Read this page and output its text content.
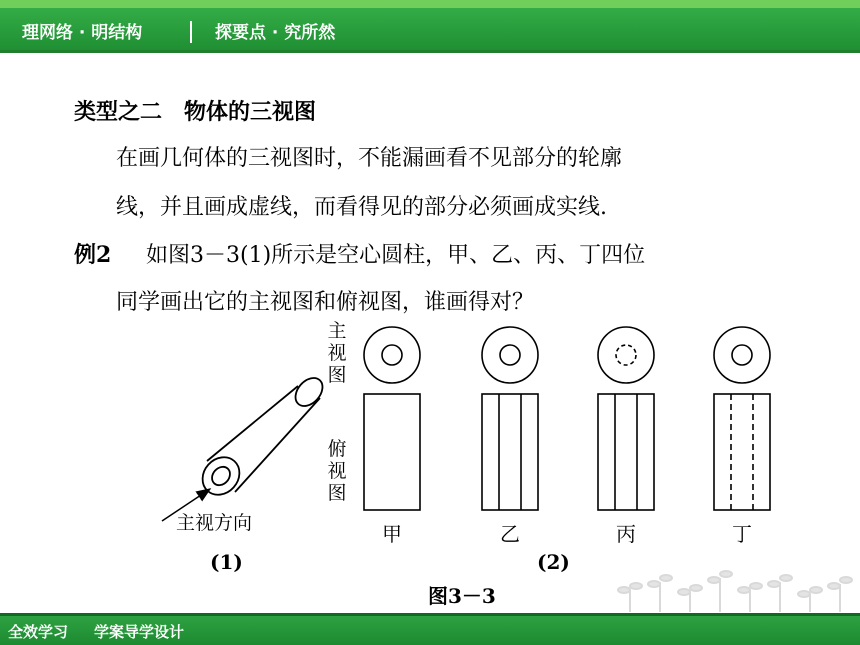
理网络 · 明结构	探要点 · 究所然
类型之二　物体的三视图
在画几何体的三视图时，不能漏画看不见部分的轮廓
线，并且画成虚线，而看得见的部分必须画成实线.
例2 如图3－3(1)所示是空心圆柱，甲、乙、丙、丁四位
同学画出它的主视图和俯视图，谁画得对？
主视图
俯视图
主视方向	甲	乙	丙	丁
(1)	(2)
图3－3
全效学习 学案导学设计
